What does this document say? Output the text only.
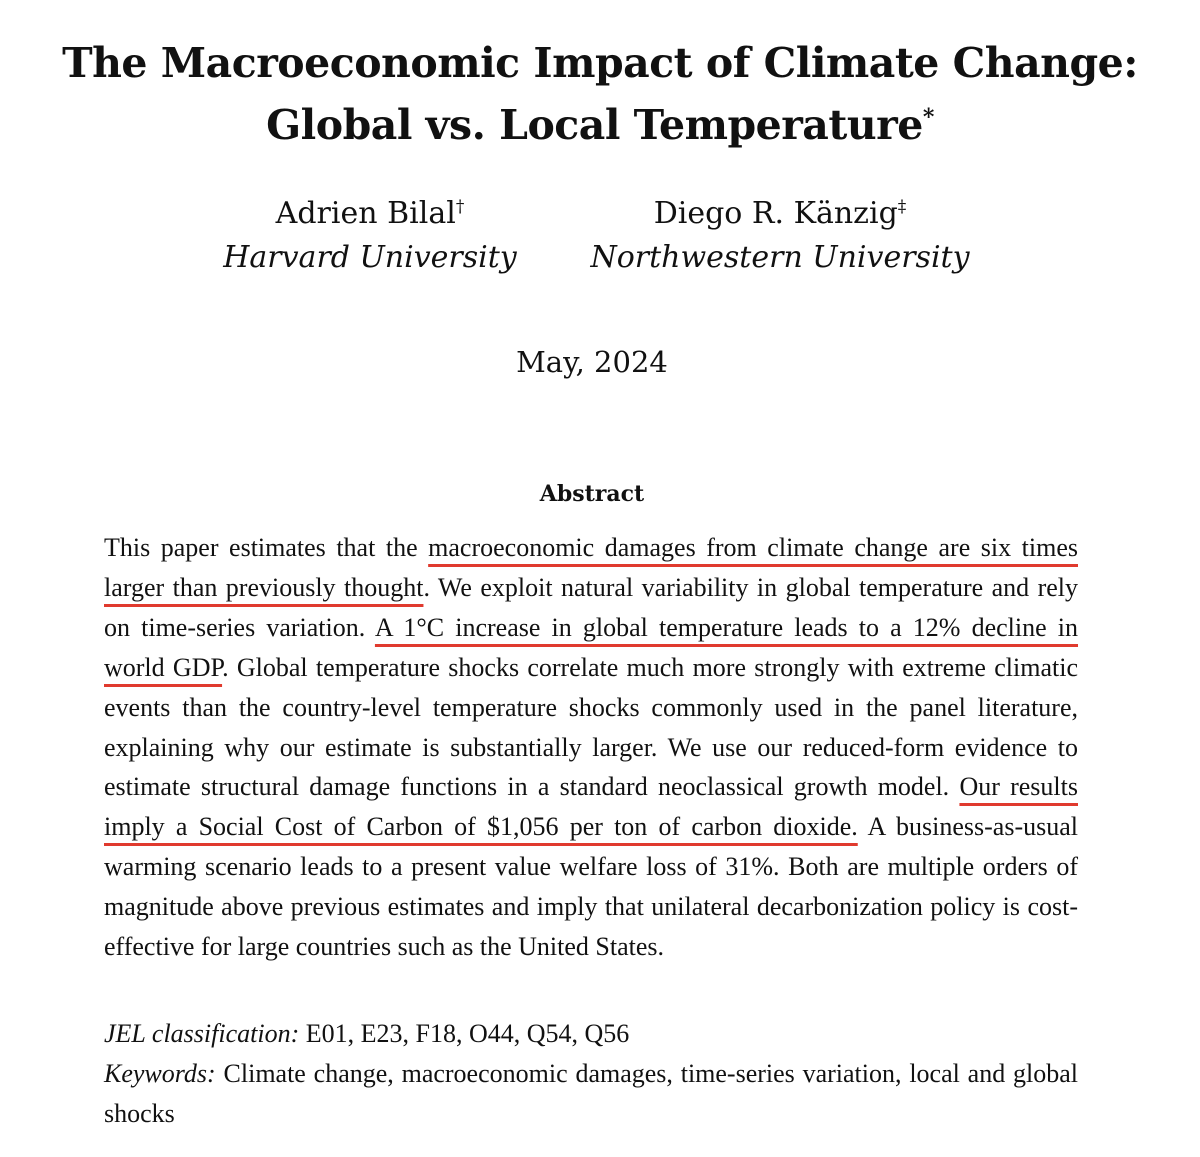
The Macroeconomic Impact of Climate Change:
Global vs. Local Temperature*
Adrien Bilal†
Harvard University
Diego R. Känzig‡
Northwestern University
May, 2024
Abstract

This paper estimates that the macroeconomic damages from climate change are six times larger than previously thought. We exploit natural variability in global temperature and rely on time-series variation. A 1°C increase in global temperature leads to a 12% decline in world GDP. Global temperature shocks correlate much more strongly with extreme climatic events than the country-level temperature shocks commonly used in the panel literature, explaining why our estimate is substantially larger. We use our reduced-form evidence to estimate structural damage functions in a standard neoclassical growth model. Our results imply a Social Cost of Carbon of $1,056 per ton of carbon dioxide. A business-as-usual warming scenario leads to a present value welfare loss of 31%. Both are multiple orders of magnitude above previous estimates and imply that unilateral decarbonization policy is cost-effective for large countries such as the United States.

JEL classification: E01, E23, F18, O44, Q54, Q56

Keywords: Climate change, macroeconomic damages, time-series variation, local and global shocks
